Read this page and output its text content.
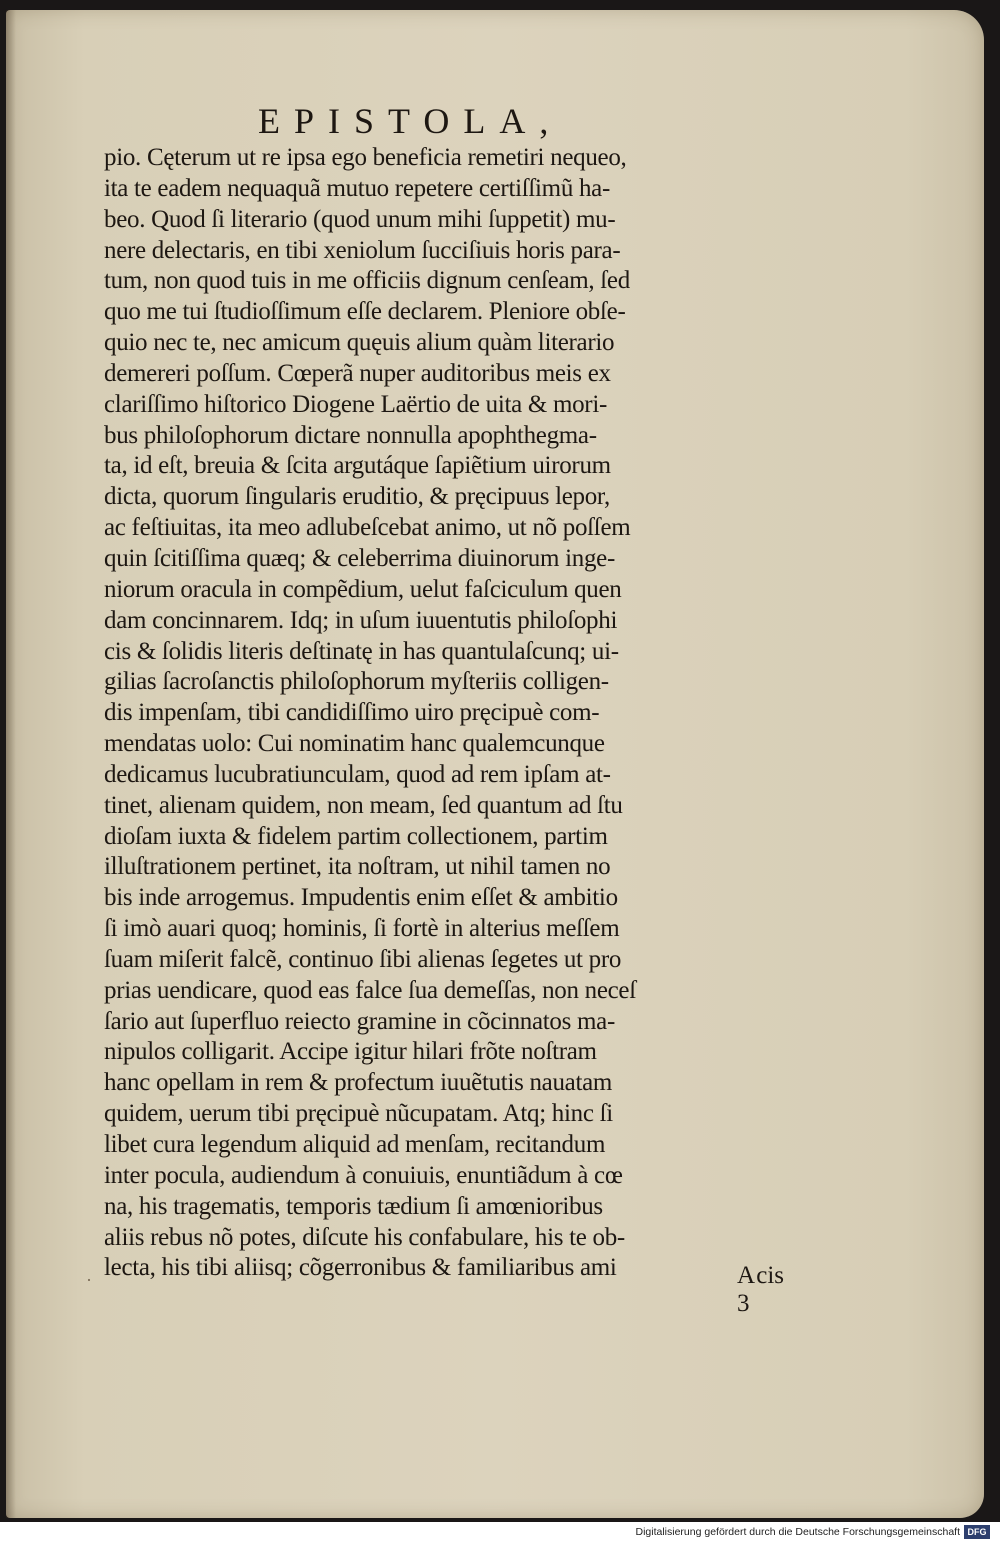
EPISTOLA,
pio. Cęterum ut re ipsa ego beneficia remetiri nequeo,
ita te eadem nequaquã mutuo repetere certiſſimũ ha-
beo. Quod ſi literario (quod unum mihi ſuppetit) mu-
nere delectaris, en tibi xeniolum ſucciſiuis horis para-
tum, non quod tuis in me officiis dignum cenſeam, ſed
quo me tui ſtudioſſimum eſſe declarem. Pleniore obſe-
quio nec te, nec amicum quęuis alium quàm literario
demereri poſſum. Cœperã nuper auditoribus meis ex
clariſſimo hiſtorico Diogene Laërtio de uita & mori-
bus philoſophorum dictare nonnulla apophthegma-
ta, id eſt, breuia & ſcita argutáque ſapiẽtium uirorum
dicta, quorum ſingularis eruditio, & pręcipuus lepor,
ac feſtiuitas, ita meo adlubeſcebat animo, ut nõ poſſem
quin ſcitiſſima quæq; & celeberrima diuinorum inge-
niorum oracula in compẽdium, uelut faſciculum quen
dam concinnarem. Idq; in uſum iuuentutis philoſophi
cis & ſolidis literis deſtinatę in has quantulaſcunq; ui-
gilias ſacroſanctis philoſophorum myſteriis colligen-
dis impenſam, tibi candidiſſimo uiro pręcipuè com-
mendatas uolo: Cui nominatim hanc qualemcunque
dedicamus lucubratiunculam, quod ad rem ipſam at-
tinet, alienam quidem, non meam, ſed quantum ad ſtu
dioſam iuxta & fidelem partim collectionem, partim
illuſtrationem pertinet, ita noſtram, ut nihil tamen no
bis inde arrogemus. Impudentis enim eſſet & ambitio
ſi imò auari quoq; hominis, ſi fortè in alterius meſſem
ſuam miſerit falcẽ, continuo ſibi alienas ſegetes ut pro
prias uendicare, quod eas falce ſua demeſſas, non neceſ
ſario aut ſuperfluo reiecto gramine in cõcinnatos ma-
nipulos colligarit. Accipe igitur hilari frõte noſtram
hanc opellam in rem & profectum iuuẽtutis nauatam
quidem, uerum tibi pręcipuè nũcupatam. Atq; hinc ſi
libet cura legendum aliquid ad menſam, recitandum
inter pocula, audiendum à conuiuis, enuntiãdum à cœ
na, his tragematis, temporis tædium ſi amœnioribus
aliis rebus nõ potes, diſcute his confabulare, his te ob-
lecta, his tibi aliisq; cõgerronibus & familiaribus ami	A 3
cis
·
Digitalisierung gefördert durch die Deutsche Forschungsgemeinschaft DFG
